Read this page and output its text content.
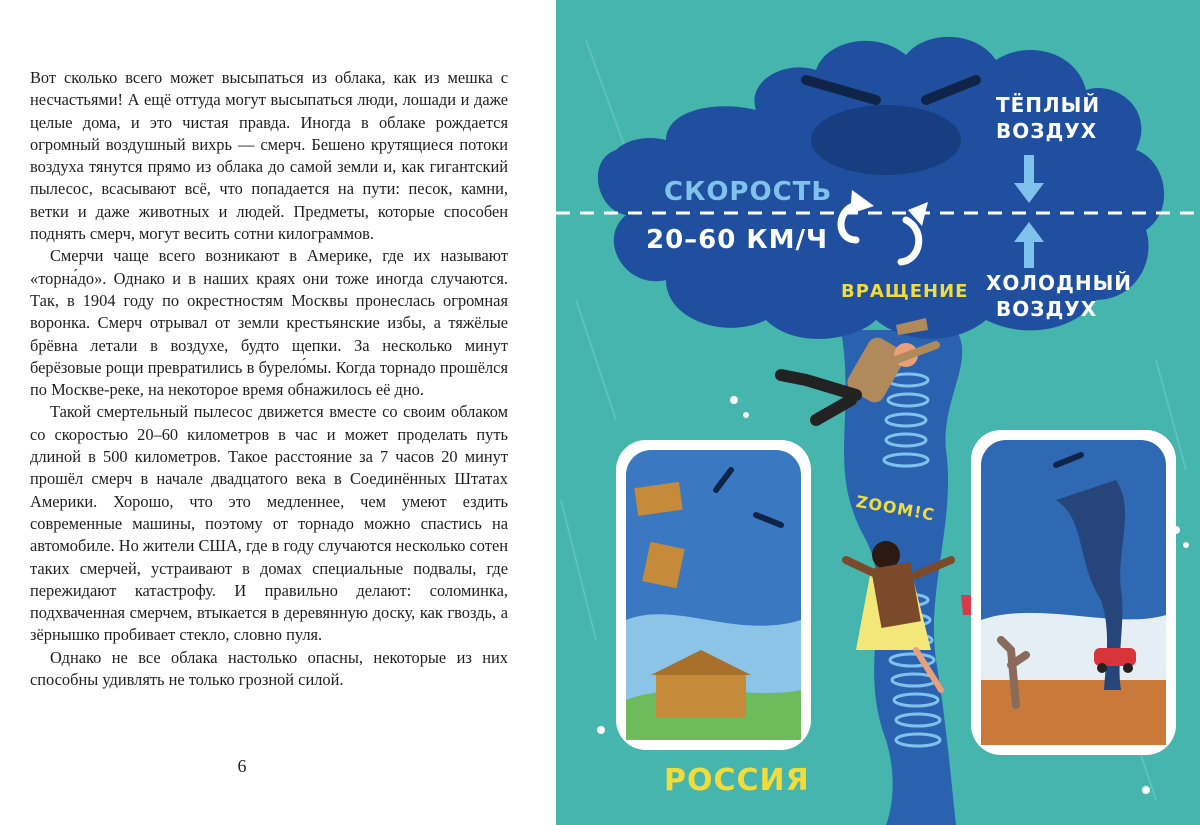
Вот сколько всего может высыпаться из облака, как из мешка с несчастьями! А ещё оттуда могут высыпаться люди, лошади и даже целые дома, и это чистая правда. Иногда в облаке рождается огромный воздушный вихрь — смерч. Бешено крутящиеся потоки воздуха тянутся прямо из облака до самой земли и, как гигантский пылесос, всасывают всё, что попадается на пути: песок, камни, ветки и даже животных и людей. Предметы, которые способен поднять смерч, могут весить сотни килограммов.

Смерчи чаще всего возникают в Америке, где их называют «торна́до». Однако и в наших краях они тоже иногда случаются. Так, в 1904 году по окрестностям Москвы пронеслась огромная воронка. Смерч отрывал от земли крестьянские избы, а тяжёлые брёвна летали в воздухе, будто щепки. За несколько минут берёзовые рощи превратились в бурело́мы. Когда торнадо прошёлся по Москве-реке, на некоторое время обнажилось её дно.

Такой смертельный пылесос движется вместе со своим облаком со скоростью 20–60 километров в час и может проделать путь длиной в 500 километров. Такое расстояние за 7 часов 20 минут прошёл смерч в начале двадцатого века в Соединённых Штатах Америки. Хорошо, что это медленнее, чем умеют ездить современные машины, поэтому от торнадо можно спастись на автомобиле. Но жители США, где в году случаются несколько сотен таких смерчей, устраивают в домах специальные подвалы, где пережидают катастрофу. И правильно делают: соломинка, подхваченная смерчем, втыкается в деревянную доску, как гвоздь, а зёрнышко пробивает стекло, словно пуля.

Однако не все облака настолько опасны, некоторые из них способны удивлять не только грозной силой.

6
СКОРОСТЬ
20–60 КМ/Ч
ТЁПЛЫЙ
ВОЗДУХ
ХОЛОДНЫЙ
ВОЗДУХ
ВРАЩЕНИЕ
ZOOM!C
РОССИЯ
